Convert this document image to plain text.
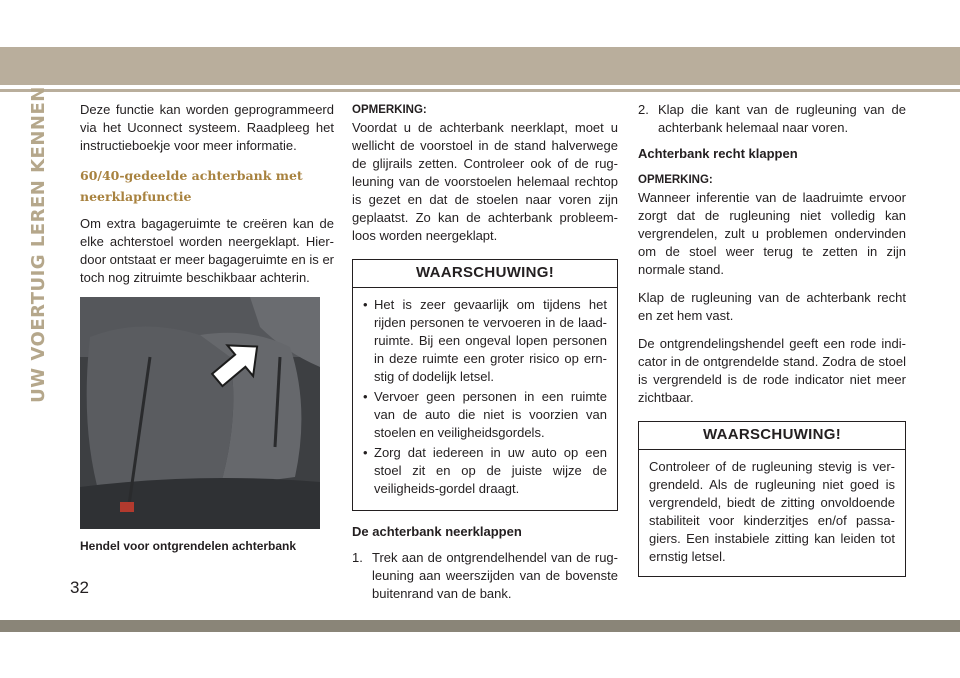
UW VOERTUIG LEREN KENNEN Deze functie kan worden geprogrammeerd via het Uconnect systeem. Raadpleeg het instructieboekje voor meer informatie.

60/40-gedeelde achterbank met
neerklapfunctie

Om extra bagageruimte te creëren kan de elke achterstoel worden neergeklapt. Hier-door ontstaat er meer bagageruimte en is er toch nog zitruimte beschikbaar achterin.

Hendel voor ontgrendelen achterbank
OPMERKING:

Voordat u de achterbank neerklapt, moet u wellicht de voorstoel in de stand halverwege de glijrails zetten. Controleer ook of de rug-leuning van de voorstoelen helemaal rechtop is gezet en dat de stoelen naar voren zijn geplaatst. Zo kan de achterbank probleem-loos worden neergeklapt.

WAARSCHUWING!
• Het is zeer gevaarlijk om tijdens het rijden personen te vervoeren in de laad-ruimte. Bij een ongeval lopen personen in deze ruimte een groter risico op ern-stig of dodelijk letsel.
• Vervoer geen personen in een ruimte van de auto die niet is voorzien van stoelen en veiligheidsgordels.
• Zorg dat iedereen in uw auto op een stoel zit en op de juiste wijze de veiligheids-gordel draagt.
De achterbank neerklappen
1. Trek aan de ontgrendelhendel van de rug-leuning aan weerszijden van de bovenste buitenrand van de bank.
2. Klap die kant van de rugleuning van de achterbank helemaal naar voren.
Achterbank recht klappen
OPMERKING:

Wanneer inferentie van de laadruimte ervoor zorgt dat de rugleuning niet volledig kan vergrendelen, zult u problemen ondervinden om de stoel weer terug te zetten in zijn normale stand.

Klap de rugleuning van de achterbank recht en zet hem vast.

De ontgrendelingshendel geeft een rode indi-cator in de ontgrendelde stand. Zodra de stoel is vergrendeld is de rode indicator niet meer zichtbaar.

WAARSCHUWING!

Controleer of de rugleuning stevig is ver-grendeld. Als de rugleuning niet goed is vergrendeld, biedt de zitting onvoldoende stabiliteit voor kinderzitjes en/of passa-giers. Een instabiele zitting kan leiden tot ernstig letsel.

32
